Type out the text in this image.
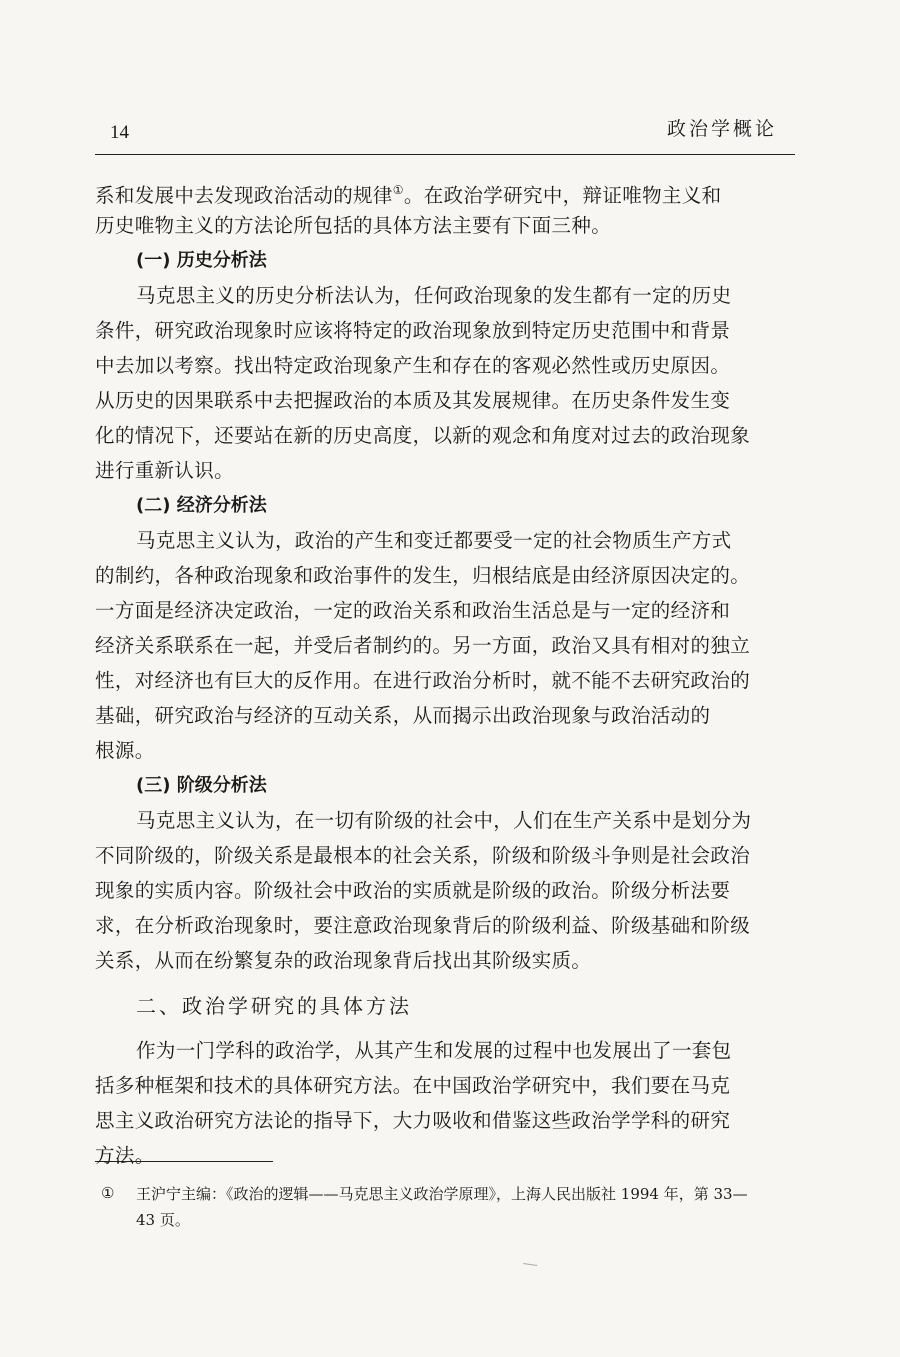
14	政治学概论
系和发展中去发现政治活动的规律①。在政治学研究中，辩证唯物主义和
历史唯物主义的方法论所包括的具体方法主要有下面三种。
(一) 历史分析法
马克思主义的历史分析法认为，任何政治现象的发生都有一定的历史
条件，研究政治现象时应该将特定的政治现象放到特定历史范围中和背景
中去加以考察。找出特定政治现象产生和存在的客观必然性或历史原因。
从历史的因果联系中去把握政治的本质及其发展规律。在历史条件发生变
化的情况下，还要站在新的历史高度，以新的观念和角度对过去的政治现象
进行重新认识。
(二) 经济分析法
马克思主义认为，政治的产生和变迁都要受一定的社会物质生产方式
的制约，各种政治现象和政治事件的发生，归根结底是由经济原因决定的。
一方面是经济决定政治，一定的政治关系和政治生活总是与一定的经济和
经济关系联系在一起，并受后者制约的。另一方面，政治又具有相对的独立
性，对经济也有巨大的反作用。在进行政治分析时，就不能不去研究政治的
基础，研究政治与经济的互动关系，从而揭示出政治现象与政治活动的
根源。
(三) 阶级分析法
马克思主义认为，在一切有阶级的社会中，人们在生产关系中是划分为
不同阶级的，阶级关系是最根本的社会关系，阶级和阶级斗争则是社会政治
现象的实质内容。阶级社会中政治的实质就是阶级的政治。阶级分析法要
求，在分析政治现象时，要注意政治现象背后的阶级利益、阶级基础和阶级
关系，从而在纷繁复杂的政治现象背后找出其阶级实质。
二、政治学研究的具体方法
作为一门学科的政治学，从其产生和发展的过程中也发展出了一套包
括多种框架和技术的具体研究方法。在中国政治学研究中，我们要在马克
思主义政治研究方法论的指导下，大力吸收和借鉴这些政治学学科的研究
方法。
① 王沪宁主编：《政治的逻辑——马克思主义政治学原理》，上海人民出版社 1994 年，第 33—
43 页。
